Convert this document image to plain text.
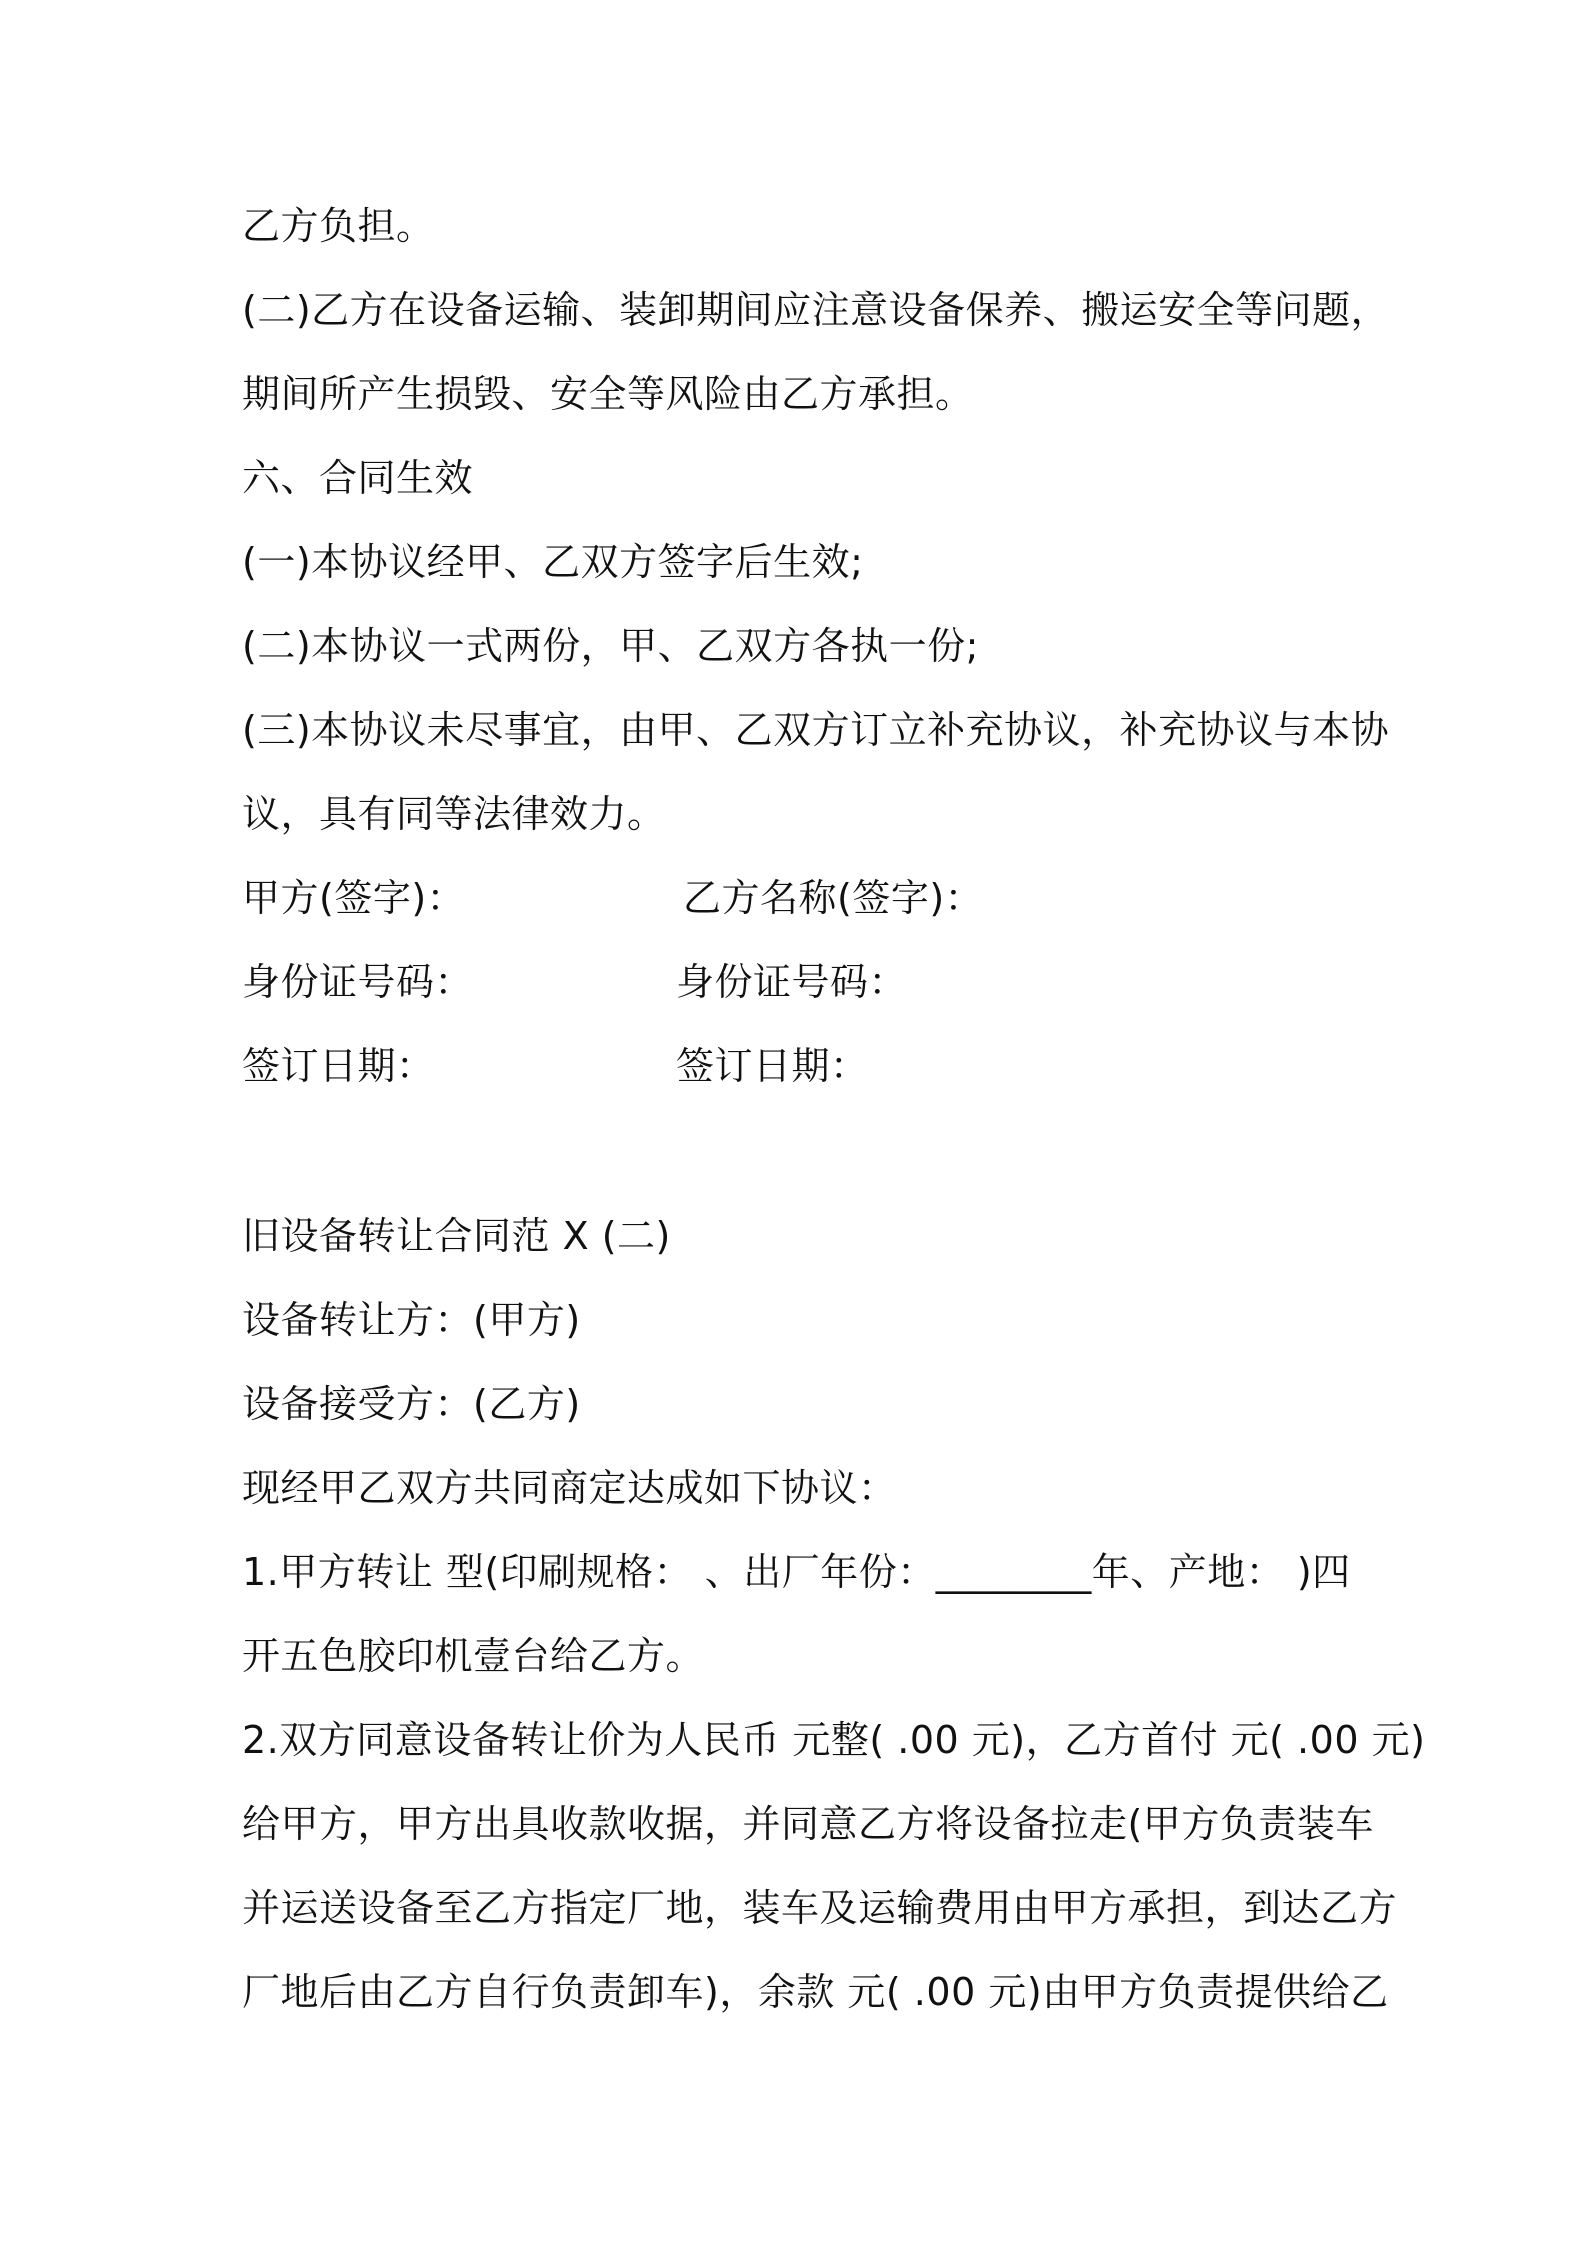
乙方负担。
(二)乙方在设备运输、装卸期间应注意设备保养、搬运安全等问题，
期间所产生损毁、安全等风险由乙方承担。
六、合同生效
(一)本协议经甲、乙双方签字后生效;
(二)本协议一式两份，甲、乙双方各执一份;
(三)本协议未尽事宜，由甲、乙双方订立补充协议，补充协议与本协
议，具有同等法律效力。
甲方(签字)：	乙方名称(签字)：
身份证号码：	身份证号码：
签订日期：	签订日期：
旧设备转让合同范 X (二)
设备转让方：(甲方)
设备接受方：(乙方)
现经甲乙双方共同商定达成如下协议：
1.甲方转让 型(印刷规格： 、出厂年份：________年、产地： )四
开五色胶印机壹台给乙方。
2.双方同意设备转让价为人民币 元整( .00 元)，乙方首付 元( .00 元)
给甲方，甲方出具收款收据，并同意乙方将设备拉走(甲方负责装车
并运送设备至乙方指定厂地，装车及运输费用由甲方承担，到达乙方
厂地后由乙方自行负责卸车)，余款 元( .00 元)由甲方负责提供给乙
